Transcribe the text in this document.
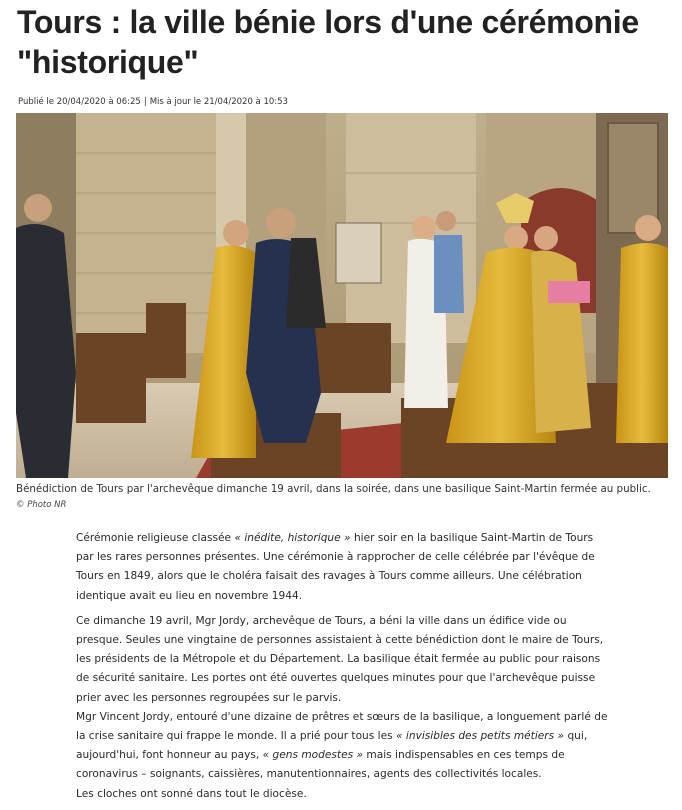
Tours : la ville bénie lors d'une cérémonie "historique"
Publié le 20/04/2020 à 06:25 | Mis à jour le 21/04/2020 à 10:53
Bénédiction de Tours par l'archevêque dimanche 19 avril, dans la soirée, dans une basilique Saint-Martin fermée au public.
© Photo NR

Cérémonie religieuse classée « inédite, historique » hier soir en la basilique Saint-Martin de Tours
par les rares personnes présentes. Une cérémonie à rapprocher de celle célébrée par l'évêque de
Tours en 1849, alors que le choléra faisait des ravages à Tours comme ailleurs. Une célébration
identique avait eu lieu en novembre 1944.

Ce dimanche 19 avril, Mgr Jordy, archevêque de Tours, a béni la ville dans un édifice vide ou
presque. Seules une vingtaine de personnes assistaient à cette bénédiction dont le maire de Tours,
les présidents de la Métropole et du Département. La basilique était fermée au public pour raisons
de sécurité sanitaire. Les portes ont été ouvertes quelques minutes pour que l'archevêque puisse
prier avec les personnes regroupées sur le parvis.
Mgr Vincent Jordy, entouré d'une dizaine de prêtres et sœurs de la basilique, a longuement parlé de
la crise sanitaire qui frappe le monde. Il a prié pour tous les « invisibles des petits métiers » qui,
aujourd'hui, font honneur au pays, « gens modestes » mais indispensables en ces temps de
coronavirus – soignants, caissières, manutentionnaires, agents des collectivités locales.
Les cloches ont sonné dans tout le diocèse.
